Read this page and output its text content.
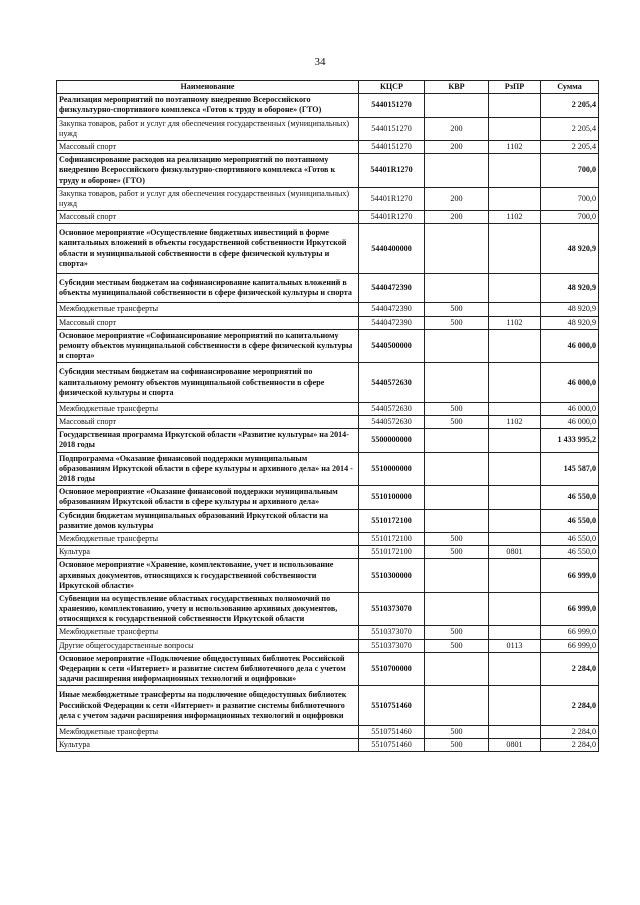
34
Наименование	КЦСР	КВР	РзПР	Сумма
Реализация мероприятий по поэтапному внедрению Всероссийского физкультурно-спортивного комплекса «Готов к труду и обороне» (ГТО)	5440151270			2 205,4
Закупка товаров, работ и услуг для обеспечения государственных (муниципальных) нужд	5440151270	200		2 205,4
Массовый спорт	5440151270	200	1102	2 205,4
Софинансирование расходов на реализацию мероприятий по поэтапному внедрению Всероссийского физкультурно-спортивного комплекса «Готов к труду и обороне» (ГТО)	54401R1270			700,0
Закупка товаров, работ и услуг для обеспечения государственных (муниципальных) нужд	54401R1270	200		700,0
Массовый спорт	54401R1270	200	1102	700,0
Основное мероприятие «Осуществление бюджетных инвестиций в форме капитальных вложений в объекты государственной собственности Иркутской области и муниципальной собственности в сфере физической культуры и спорта»	5440400000			48 920,9
Субсидии местным бюджетам на софинансирование капитальных вложений в объекты муниципальной собственности в сфере физической культуры и спорта	5440472390			48 920,9
Межбюджетные трансферты	5440472390	500		48 920,9
Массовый спорт	5440472390	500	1102	48 920,9
Основное мероприятие «Софинансирование мероприятий по капитальному ремонту объектов муниципальной собственности в сфере физической культуры и спорта»	5440500000			46 000,0
Субсидии местным бюджетам на софинансирование мероприятий по капитальному ремонту объектов муниципальной собственности в сфере физической культуры и спорта	5440572630			46 000,0
Межбюджетные трансферты	5440572630	500		46 000,0
Массовый спорт	5440572630	500	1102	46 000,0
Государственная программа Иркутской области «Развитие культуры» на 2014-2018 годы	5500000000			1 433 995,2
Подпрограмма «Оказание финансовой поддержки муниципальным образованиям Иркутской области в сфере культуры и архивного дела» на 2014 - 2018 годы	5510000000			145 587,0
Основное мероприятие «Оказание финансовой поддержки муниципальным образованиям Иркутской области в сфере культуры и архивного дела»	5510100000			46 550,0
Субсидии бюджетам муниципальных образований Иркутской области на развитие домов культуры	5510172100			46 550,0
Межбюджетные трансферты	5510172100	500		46 550,0
Культура	5510172100	500	0801	46 550,0
Основное мероприятие «Хранение, комплектование, учет и использование архивных документов, относящихся к государственной собственности Иркутской области»	5510300000			66 999,0
Субвенции на осуществление областных государственных полномочий по хранению, комплектованию, учету и использованию архивных документов, относящихся к государственной собственности Иркутской области	5510373070			66 999,0
Межбюджетные трансферты	5510373070	500		66 999,0
Другие общегосударственные вопросы	5510373070	500	0113	66 999,0
Основное мероприятие «Подключение общедоступных библиотек Российской Федерации к сети «Интернет» и развитие систем библиотечного дела с учетом задачи расширения информационных технологий и оцифровки»	5510700000			2 284,0
Иные межбюджетные трансферты на подключение общедоступных библиотек Российской Федерации к сети «Интернет» и развитие системы библиотечного дела с учетом задачи расширения информационных технологий и оцифровки	5510751460			2 284,0
Межбюджетные трансферты	5510751460	500		2 284,0
Культура	5510751460	500	0801	2 284,0
